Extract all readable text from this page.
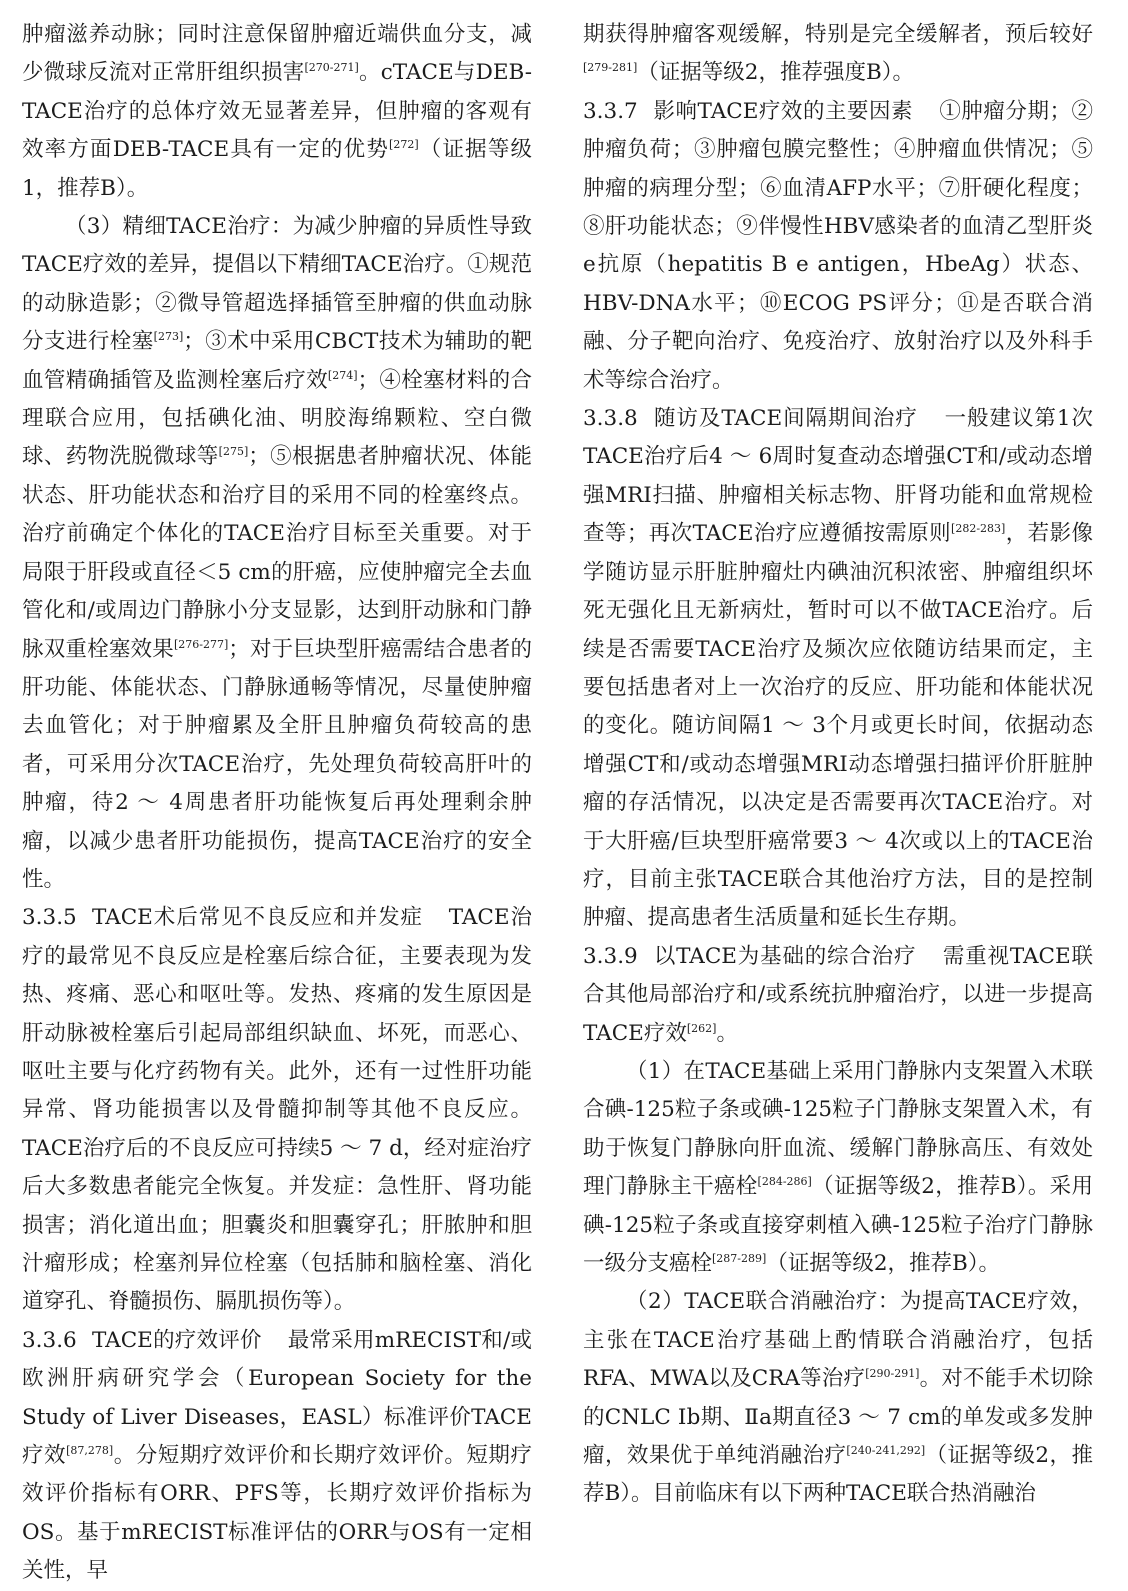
肿瘤滋养动脉；同时注意保留肿瘤近端供血分支，减少微球反流对正常肝组织损害[270-271]。cTACE与DEB-TACE治疗的总体疗效无显著差异，但肿瘤的客观有效率方面DEB-TACE具有一定的优势[272]（证据等级1，推荐B）。

（3）精细TACE治疗：为减少肿瘤的异质性导致TACE疗效的差异，提倡以下精细TACE治疗。①规范的动脉造影；②微导管超选择插管至肿瘤的供血动脉分支进行栓塞[273]；③术中采用CBCT技术为辅助的靶血管精确插管及监测栓塞后疗效[274]；④栓塞材料的合理联合应用，包括碘化油、明胶海绵颗粒、空白微球、药物洗脱微球等[275]；⑤根据患者肿瘤状况、体能状态、肝功能状态和治疗目的采用不同的栓塞终点。治疗前确定个体化的TACE治疗目标至关重要。对于局限于肝段或直径＜5 cm的肝癌，应使肿瘤完全去血管化和/或周边门静脉小分支显影，达到肝动脉和门静脉双重栓塞效果[276-277]；对于巨块型肝癌需结合患者的肝功能、体能状态、门静脉通畅等情况，尽量使肿瘤去血管化；对于肿瘤累及全肝且肿瘤负荷较高的患者，可采用分次TACE治疗，先处理负荷较高肝叶的肿瘤，待2 ～ 4周患者肝功能恢复后再处理剩余肿瘤，以减少患者肝功能损伤，提高TACE治疗的安全性。

3.3.5 TACE术后常见不良反应和并发症 TACE治疗的最常见不良反应是栓塞后综合征，主要表现为发热、疼痛、恶心和呕吐等。发热、疼痛的发生原因是肝动脉被栓塞后引起局部组织缺血、坏死，而恶心、呕吐主要与化疗药物有关。此外，还有一过性肝功能异常、肾功能损害以及骨髓抑制等其他不良反应。TACE治疗后的不良反应可持续5 ～ 7 d，经对症治疗后大多数患者能完全恢复。并发症：急性肝、肾功能损害；消化道出血；胆囊炎和胆囊穿孔；肝脓肿和胆汁瘤形成；栓塞剂异位栓塞（包括肺和脑栓塞、消化道穿孔、脊髓损伤、膈肌损伤等）。

3.3.6 TACE的疗效评价 最常采用mRECIST和/或欧洲肝病研究学会（European Society for the Study of Liver Diseases，EASL）标准评价TACE疗效[87,278]。分短期疗效评价和长期疗效评价。短期疗效评价指标有ORR、PFS等，长期疗效评价指标为OS。基于mRECIST标准评估的ORR与OS有一定相关性，早

期获得肿瘤客观缓解，特别是完全缓解者，预后较好[279-281]（证据等级2，推荐强度B）。

3.3.7 影响TACE疗效的主要因素 ①肿瘤分期；②肿瘤负荷；③肿瘤包膜完整性；④肿瘤血供情况；⑤肿瘤的病理分型；⑥血清AFP水平；⑦肝硬化程度；⑧肝功能状态；⑨伴慢性HBV感染者的血清乙型肝炎e抗原（hepatitis B e antigen，HbeAg）状态、HBV-DNA水平；⑩ECOG PS评分；⑪是否联合消融、分子靶向治疗、免疫治疗、放射治疗以及外科手术等综合治疗。

3.3.8 随访及TACE间隔期间治疗 一般建议第1次TACE治疗后4 ～ 6周时复查动态增强CT和/或动态增强MRI扫描、肿瘤相关标志物、肝肾功能和血常规检查等；再次TACE治疗应遵循按需原则[282-283]，若影像学随访显示肝脏肿瘤灶内碘油沉积浓密、肿瘤组织坏死无强化且无新病灶，暂时可以不做TACE治疗。后续是否需要TACE治疗及频次应依随访结果而定，主要包括患者对上一次治疗的反应、肝功能和体能状况的变化。随访间隔1 ～ 3个月或更长时间，依据动态增强CT和/或动态增强MRI动态增强扫描评价肝脏肿瘤的存活情况，以决定是否需要再次TACE治疗。对于大肝癌/巨块型肝癌常要3 ～ 4次或以上的TACE治疗，目前主张TACE联合其他治疗方法，目的是控制肿瘤、提高患者生活质量和延长生存期。

3.3.9 以TACE为基础的综合治疗 需重视TACE联合其他局部治疗和/或系统抗肿瘤治疗，以进一步提高TACE疗效[262]。

（1）在TACE基础上采用门静脉内支架置入术联合碘-125粒子条或碘-125粒子门静脉支架置入术，有助于恢复门静脉向肝血流、缓解门静脉高压、有效处理门静脉主干癌栓[284-286]（证据等级2，推荐B）。采用碘-125粒子条或直接穿刺植入碘-125粒子治疗门静脉一级分支癌栓[287-289]（证据等级2，推荐B）。

（2）TACE联合消融治疗：为提高TACE疗效，主张在TACE治疗基础上酌情联合消融治疗，包括RFA、MWA以及CRA等治疗[290-291]。对不能手术切除的CNLC Ⅰb期、Ⅱa期直径3 ～ 7 cm的单发或多发肿瘤，效果优于单纯消融治疗[240-241,292]（证据等级2，推荐B）。目前临床有以下两种TACE联合热消融治
